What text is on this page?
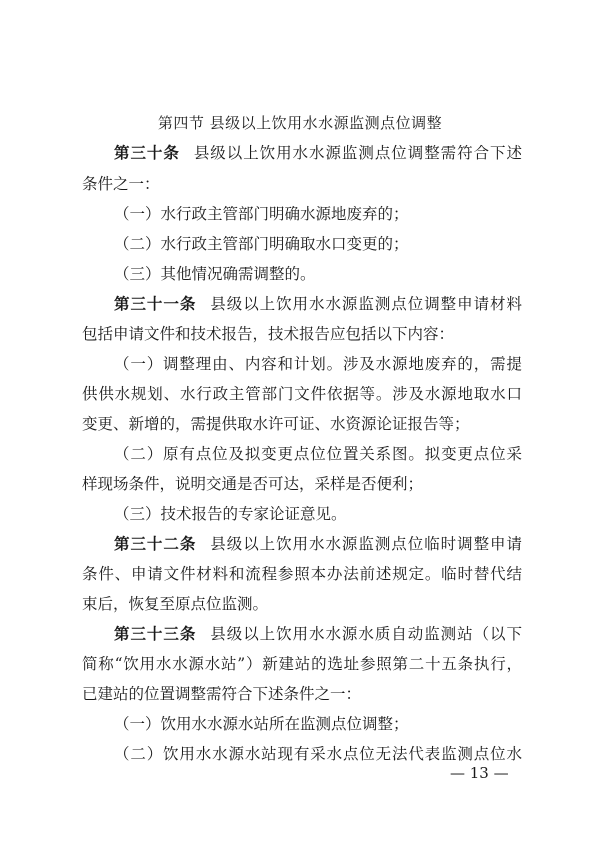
第四节 县级以上饮用水水源监测点位调整
第三十条 县级以上饮用水水源监测点位调整需符合下述
条件之一：
（一）水行政主管部门明确水源地废弃的；
（二）水行政主管部门明确取水口变更的；
（三）其他情况确需调整的。
第三十一条 县级以上饮用水水源监测点位调整申请材料
包括申请文件和技术报告，技术报告应包括以下内容：
（一）调整理由、内容和计划。涉及水源地废弃的，需提
供供水规划、水行政主管部门文件依据等。涉及水源地取水口
变更、新增的，需提供取水许可证、水资源论证报告等；
（二）原有点位及拟变更点位位置关系图。拟变更点位采
样现场条件，说明交通是否可达，采样是否便利；
（三）技术报告的专家论证意见。
第三十二条 县级以上饮用水水源监测点位临时调整申请
条件、申请文件材料和流程参照本办法前述规定。临时替代结
束后，恢复至原点位监测。
第三十三条 县级以上饮用水水源水质自动监测站（以下
简称“饮用水水源水站”）新建站的选址参照第二十五条执行，
已建站的位置调整需符合下述条件之一：
（一）饮用水水源水站所在监测点位调整；
（二）饮用水水源水站现有采水点位无法代表监测点位水
— 13 —
